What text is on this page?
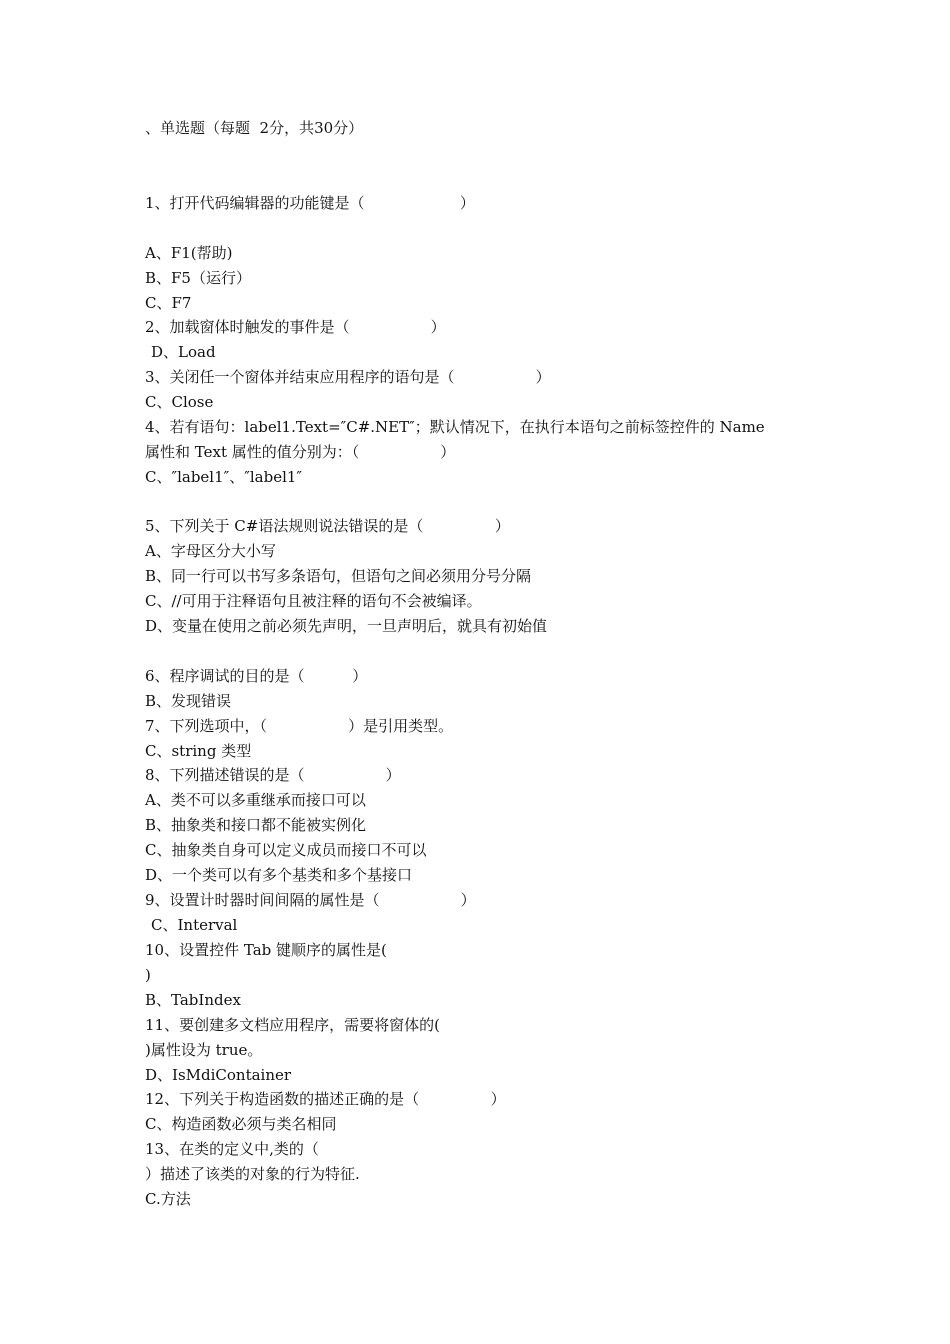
、单选题（每题  2分，共30分）
1、打开代码编辑器的功能键是（                    ）
A、F1(帮助)
B、F5（运行）
C、F7
2、加载窗体时触发的事件是（                 ）
D、Load
3、关闭任一个窗体并结束应用程序的语句是（                 ）
C、Close
4、若有语句：label1.Text=″C#.NET″；默认情况下，在执行本语句之前标签控件的 Name
属性和 Text 属性的值分别为：（                 ）
C、″label1″、″label1″
5、下列关于 C#语法规则说法错误的是（               ）
A、字母区分大小写
B、同一行可以书写多条语句，但语句之间必须用分号分隔
C、//可用于注释语句且被注释的语句不会被编译。
D、变量在使用之前必须先声明，一旦声明后，就具有初始值
6、程序调试的目的是（          ）
B、发现错误
7、下列选项中，（                 ）是引用类型。
C、string 类型
8、下列描述错误的是（                 ）
A、类不可以多重继承而接口可以
B、抽象类和接口都不能被实例化
C、抽象类自身可以定义成员而接口不可以
D、一个类可以有多个基类和多个基接口
9、设置计时器时间间隔的属性是（                 ）
C、Interval
10、设置控件 Tab 键顺序的属性是(
)
B、TabIndex
11、要创建多文档应用程序，需要将窗体的(
)属性设为 true。
D、IsMdiContainer
12、下列关于构造函数的描述正确的是（               ）
C、构造函数必须与类名相同
13、在类的定义中,类的（
）描述了该类的对象的行为特征.
C.方法
